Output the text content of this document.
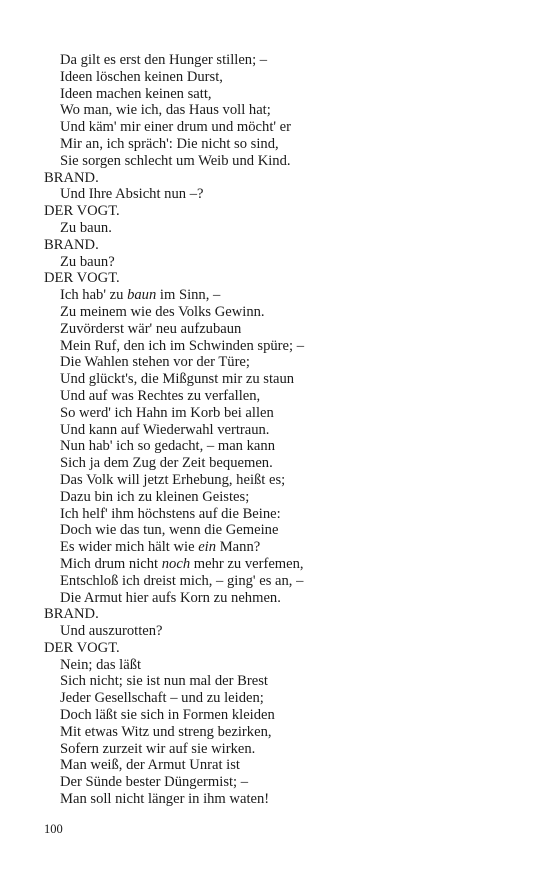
Da gilt es erst den Hunger stillen; –
Ideen löschen keinen Durst,
Ideen machen keinen satt,
Wo man, wie ich, das Haus voll hat;
Und käm' mir einer drum und möcht' er
Mir an, ich spräch': Die nicht so sind,
Sie sorgen schlecht um Weib und Kind.
BRAND.
Und Ihre Absicht nun –?
DER VOGT.
Zu baun.
BRAND.
Zu baun?
DER VOGT.
Ich hab' zu baun im Sinn, –
Zu meinem wie des Volks Gewinn.
Zuvörderst wär' neu aufzubaun
Mein Ruf, den ich im Schwinden spüre; –
Die Wahlen stehen vor der Türe;
Und glückt's, die Mißgunst mir zu staun
Und auf was Rechtes zu verfallen,
So werd' ich Hahn im Korb bei allen
Und kann auf Wiederwahl vertraun.
Nun hab' ich so gedacht, – man kann
Sich ja dem Zug der Zeit bequemen.
Das Volk will jetzt Erhebung, heißt es;
Dazu bin ich zu kleinen Geistes;
Ich helf' ihm höchstens auf die Beine:
Doch wie das tun, wenn die Gemeine
Es wider mich hält wie ein Mann?
Mich drum nicht noch mehr zu verfemen,
Entschloß ich dreist mich, – ging' es an, –
Die Armut hier aufs Korn zu nehmen.
BRAND.
Und auszurotten?
DER VOGT.
Nein; das läßt
Sich nicht; sie ist nun mal der Brest
Jeder Gesellschaft – und zu leiden;
Doch läßt sie sich in Formen kleiden
Mit etwas Witz und streng bezirken,
Sofern zurzeit wir auf sie wirken.
Man weiß, der Armut Unrat ist
Der Sünde bester Düngermist; –
Man soll nicht länger in ihm waten!
100
